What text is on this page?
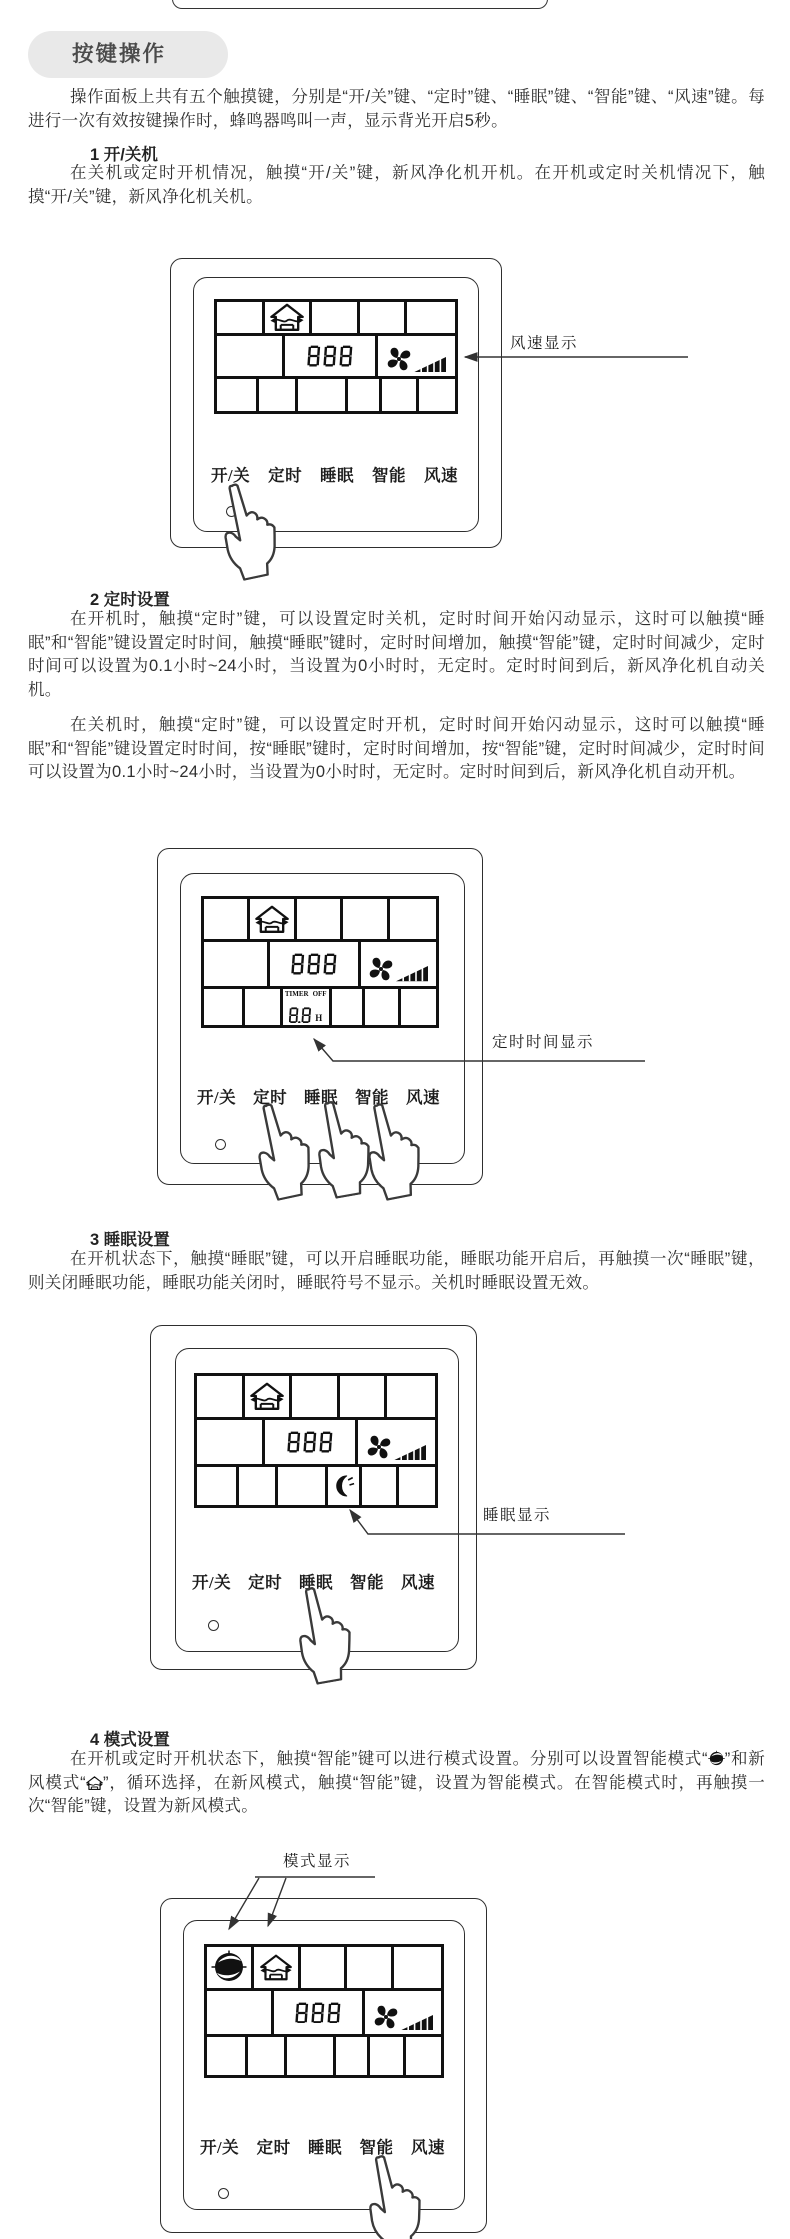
按键操作

操作面板上共有五个触摸键，分别是“开/关”键、“定时”键、“睡眠”键、“智能”键、“风速”键。每进行一次有效按键操作时，蜂鸣器鸣叫一声，显示背光开启5秒。

1 开/关机

在关机或定时开机情况，触摸“开/关”键，新风净化机开机。在开机或定时关机情况下，触摸“开/关”键，新风净化机关机。

开/关 定时 睡眠 智能 风速

风速显示

2 定时设置

在开机时，触摸“定时”键，可以设置定时关机，定时时间开始闪动显示，这时可以触摸“睡眠”和“智能”键设置定时时间，触摸“睡眠”键时，定时时间增加，触摸“智能”键，定时时间减少，定时时间可以设置为0.1小时~24小时，当设置为0小时时，无定时。定时时间到后，新风净化机自动关机。

在关机时，触摸“定时”键，可以设置定时开机，定时时间开始闪动显示，这时可以触摸“睡眠”和“智能”键设置定时时间，按“睡眠”键时，定时时间增加，按“智能”键，定时时间减少，定时时间可以设置为0.1小时~24小时，当设置为0小时时，无定时。定时时间到后，新风净化机自动开机。

TIMER OFF
H
开/关 定时 睡眠 智能 风速

定时时间显示

3 睡眠设置

在开机状态下，触摸“睡眠”键，可以开启睡眠功能，睡眠功能开启后，再触摸一次“睡眠”键，则关闭睡眠功能，睡眠功能关闭时，睡眠符号不显示。关机时睡眠设置无效。

开/关 定时 睡眠 智能 风速

睡眠显示

4 模式设置

在开机或定时开机状态下，触摸“智能”键可以进行模式设置。分别可以设置智能模式“ ”和新风模式“ ”，循环选择，在新风模式，触摸“智能”键，设置为智能模式。在智能模式时，再触摸一次“智能”键，设置为新风模式。

模式显示

开/关 定时 睡眠 智能 风速
